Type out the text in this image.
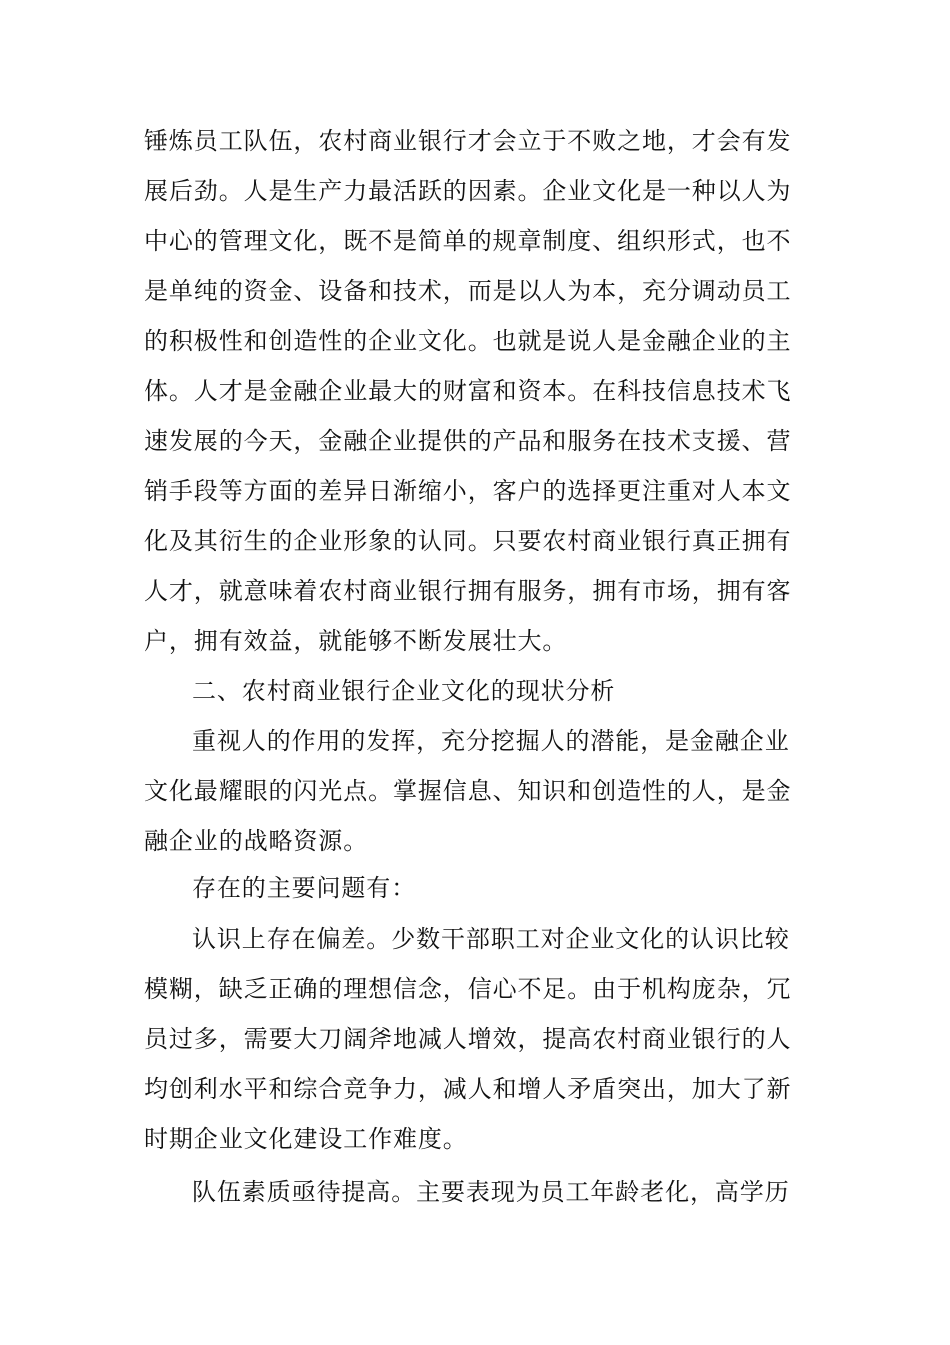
锤炼员工队伍，农村商业银行才会立于不败之地，才会有发
展后劲。人是生产力最活跃的因素。企业文化是一种以人为
中心的管理文化，既不是简单的规章制度、组织形式，也不
是单纯的资金、设备和技术，而是以人为本，充分调动员工
的积极性和创造性的企业文化。也就是说人是金融企业的主
体。人才是金融企业最大的财富和资本。在科技信息技术飞
速发展的今天，金融企业提供的产品和服务在技术支援、营
销手段等方面的差异日渐缩小，客户的选择更注重对人本文
化及其衍生的企业形象的认同。只要农村商业银行真正拥有
人才，就意味着农村商业银行拥有服务，拥有市场，拥有客
户，拥有效益，就能够不断发展壮大。
二、农村商业银行企业文化的现状分析
重视人的作用的发挥，充分挖掘人的潜能，是金融企业
文化最耀眼的闪光点。掌握信息、知识和创造性的人，是金
融企业的战略资源。
存在的主要问题有：
认识上存在偏差。少数干部职工对企业文化的认识比较
模糊，缺乏正确的理想信念，信心不足。由于机构庞杂，冗
员过多，需要大刀阔斧地减人增效，提高农村商业银行的人
均创利水平和综合竞争力，减人和增人矛盾突出，加大了新
时期企业文化建设工作难度。
队伍素质亟待提高。主要表现为员工年龄老化，高学历
